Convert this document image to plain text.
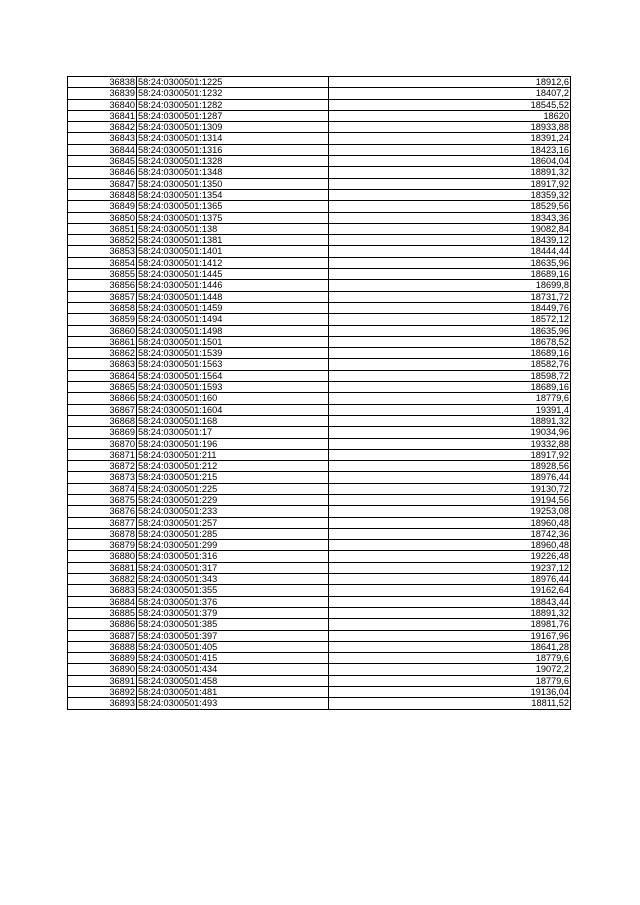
36838	58:24:0300501:1225	18912,6
36839	58:24:0300501:1232	18407,2
36840	58:24:0300501:1282	18545,52
36841	58:24:0300501:1287	18620
36842	58:24:0300501:1309	18933,88
36843	58:24:0300501:1314	18391,24
36844	58:24:0300501:1316	18423,16
36845	58:24:0300501:1328	18604,04
36846	58:24:0300501:1348	18891,32
36847	58:24:0300501:1350	18917,92
36848	58:24:0300501:1354	18359,32
36849	58:24:0300501:1365	18529,56
36850	58:24:0300501:1375	18343,36
36851	58:24:0300501:138	19082,84
36852	58:24:0300501:1381	18439,12
36853	58:24:0300501:1401	18444,44
36854	58:24:0300501:1412	18635,96
36855	58:24:0300501:1445	18689,16
36856	58:24:0300501:1446	18699,8
36857	58:24:0300501:1448	18731,72
36858	58:24:0300501:1459	18449,76
36859	58:24:0300501:1494	18572,12
36860	58:24:0300501:1498	18635,96
36861	58:24:0300501:1501	18678,52
36862	58:24:0300501:1539	18689,16
36863	58:24:0300501:1563	18582,76
36864	58:24:0300501:1564	18598,72
36865	58:24:0300501:1593	18689,16
36866	58:24:0300501:160	18779,6
36867	58:24:0300501:1604	19391,4
36868	58:24:0300501:168	18891,32
36869	58:24:0300501:17	19034,96
36870	58:24:0300501:196	19332,88
36871	58:24:0300501:211	18917,92
36872	58:24:0300501:212	18928,56
36873	58:24:0300501:215	18976,44
36874	58:24:0300501:225	19130,72
36875	58:24:0300501:229	19194,56
36876	58:24:0300501:233	19253,08
36877	58:24:0300501:257	18960,48
36878	58:24:0300501:285	18742,36
36879	58:24:0300501:299	18960,48
36880	58:24:0300501:316	19226,48
36881	58:24:0300501:317	19237,12
36882	58:24:0300501:343	18976,44
36883	58:24:0300501:355	19162,64
36884	58:24:0300501:376	18843,44
36885	58:24:0300501:379	18891,32
36886	58:24:0300501:385	18981,76
36887	58:24:0300501:397	19167,96
36888	58:24:0300501:405	18641,28
36889	58:24:0300501:415	18779,6
36890	58:24:0300501:434	19072,2
36891	58:24:0300501:458	18779,6
36892	58:24:0300501:481	19136,04
36893	58:24:0300501:493	18811,52
